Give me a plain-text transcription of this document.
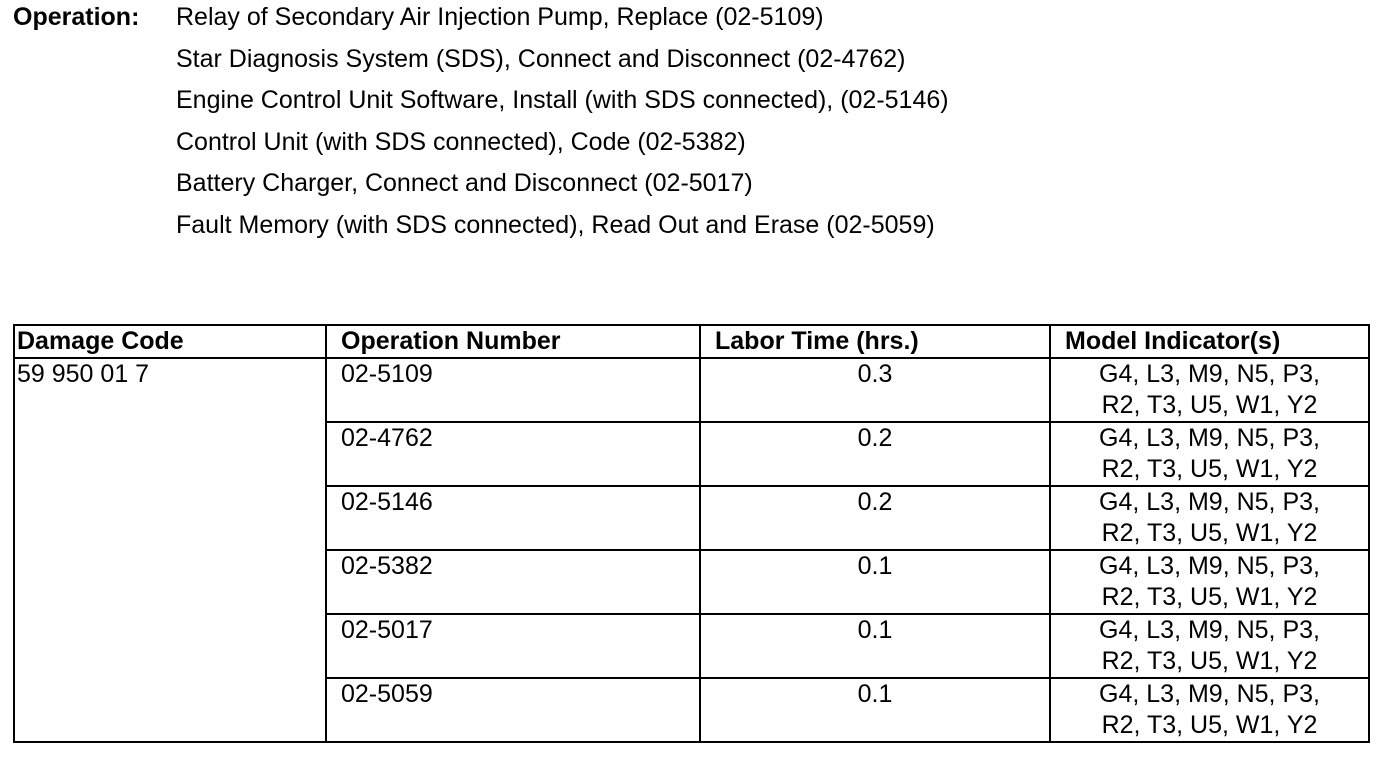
Operation: Relay of Secondary Air Injection Pump, Replace (02-5109)
Star Diagnosis System (SDS), Connect and Disconnect (02-4762)
Engine Control Unit Software, Install (with SDS connected), (02-5146)
Control Unit (with SDS connected), Code (02-5382)
Battery Charger, Connect and Disconnect (02-5017)
Fault Memory (with SDS connected), Read Out and Erase (02-5059)
Damage Code	Operation Number	Labor Time (hrs.)	Model Indicator(s)
59 950 01 7	02-5109	0.3	G4, L3, M9, N5, P3,
R2, T3, U5, W1, Y2

	02-4762	0.2	G4, L3, M9, N5, P3,
R2, T3, U5, W1, Y2

	02-5146	0.2	G4, L3, M9, N5, P3,
R2, T3, U5, W1, Y2

	02-5382	0.1	G4, L3, M9, N5, P3,
R2, T3, U5, W1, Y2

	02-5017	0.1	G4, L3, M9, N5, P3,
R2, T3, U5, W1, Y2

	02-5059	0.1	G4, L3, M9, N5, P3,
R2, T3, U5, W1, Y2
